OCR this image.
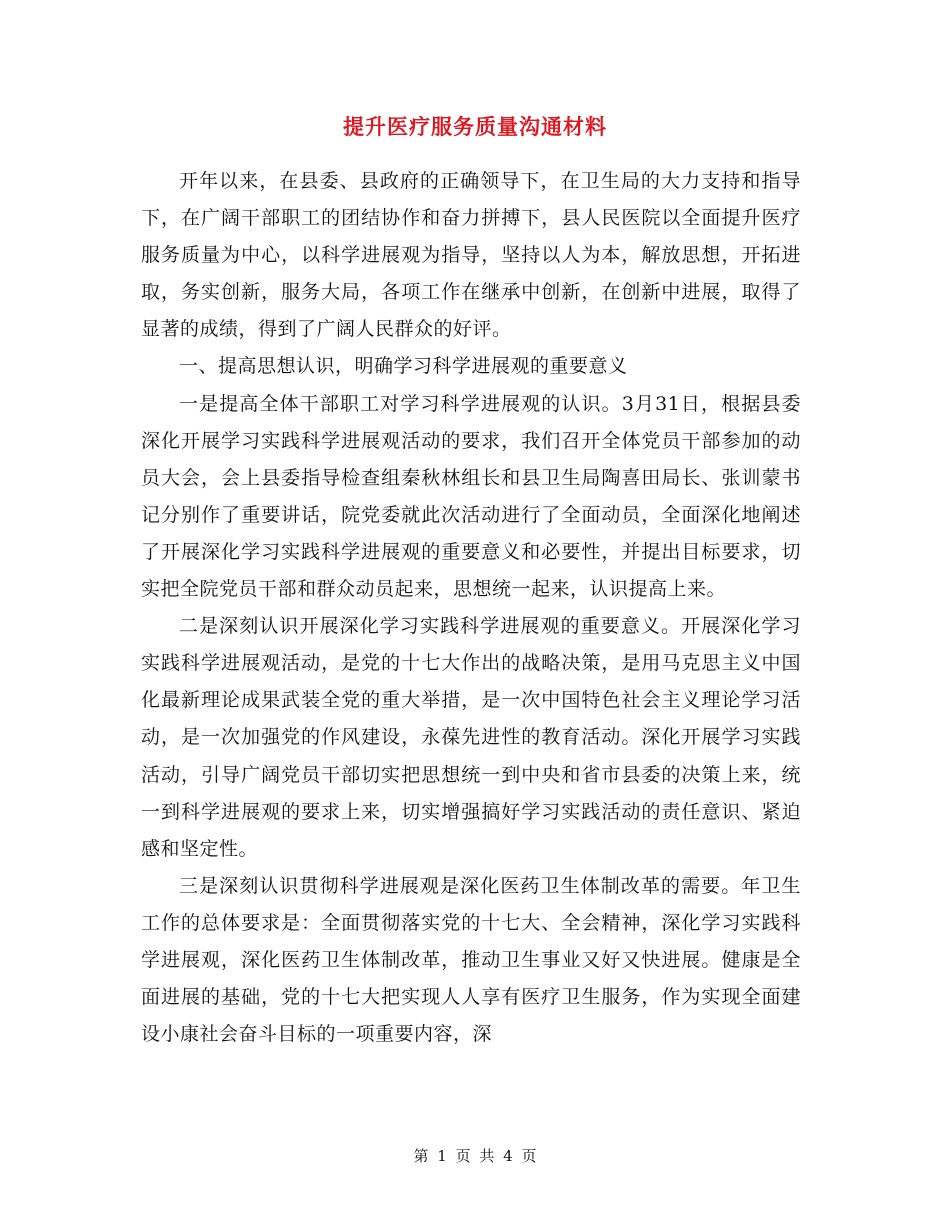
提升医疗服务质量沟通材料

开年以来，在县委、县政府的正确领导下，在卫生局的大力支持和指导下，在广阔干部职工的团结协作和奋力拼搏下，县人民医院以全面提升医疗服务质量为中心，以科学进展观为指导，坚持以人为本，解放思想，开拓进取，务实创新，服务大局，各项工作在继承中创新，在创新中进展，取得了显著的成绩，得到了广阔人民群众的好评。

一、提高思想认识，明确学习科学进展观的重要意义

一是提高全体干部职工对学习科学进展观的认识。3月31日，根据县委深化开展学习实践科学进展观活动的要求，我们召开全体党员干部参加的动员大会，会上县委指导检查组秦秋林组长和县卫生局陶喜田局长、张训蒙书记分别作了重要讲话，院党委就此次活动进行了全面动员，全面深化地阐述了开展深化学习实践科学进展观的重要意义和必要性，并提出目标要求，切实把全院党员干部和群众动员起来，思想统一起来，认识提高上来。

二是深刻认识开展深化学习实践科学进展观的重要意义。开展深化学习实践科学进展观活动，是党的十七大作出的战略决策，是用马克思主义中国化最新理论成果武装全党的重大举措，是一次中国特色社会主义理论学习活动，是一次加强党的作风建设，永葆先进性的教育活动。深化开展学习实践活动，引导广阔党员干部切实把思想统一到中央和省市县委的决策上来，统一到科学进展观的要求上来，切实增强搞好学习实践活动的责任意识、紧迫感和坚定性。

三是深刻认识贯彻科学进展观是深化医药卫生体制改革的需要。年卫生工作的总体要求是：全面贯彻落实党的十七大、全会精神，深化学习实践科学进展观，深化医药卫生体制改革，推动卫生事业又好又快进展。健康是全面进展的基础，党的十七大把实现人人享有医疗卫生服务，作为实现全面建设小康社会奋斗目标的一项重要内容，深

第 1 页 共 4 页
